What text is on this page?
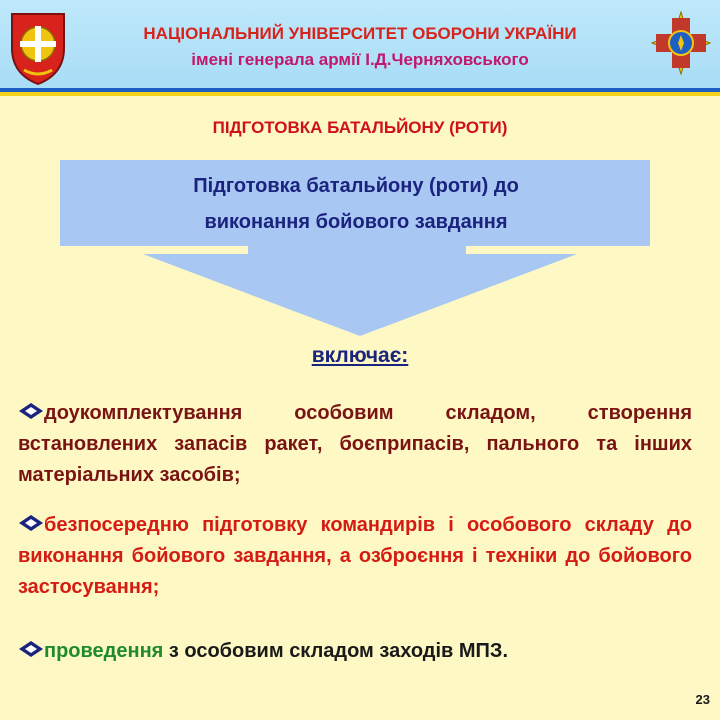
НАЦІОНАЛЬНИЙ УНІВЕРСИТЕТ ОБОРОНИ УКРАЇНИ
імені генерала армії І.Д.Черняховського
ПІДГОТОВКА БАТАЛЬЙОНУ (РОТИ)
Підготовка батальйону (роти) до
виконання бойового завдання
включає:
доукомплектування особовим складом, створення встановлених запасів ракет, боєприпасів, пального та інших матеріальних засобів;
безпосередню підготовку командирів і особового складу до виконання бойового завдання, а озброєння і техніки до бойового застосування;
проведення з особовим складом заходів МПЗ.
23
